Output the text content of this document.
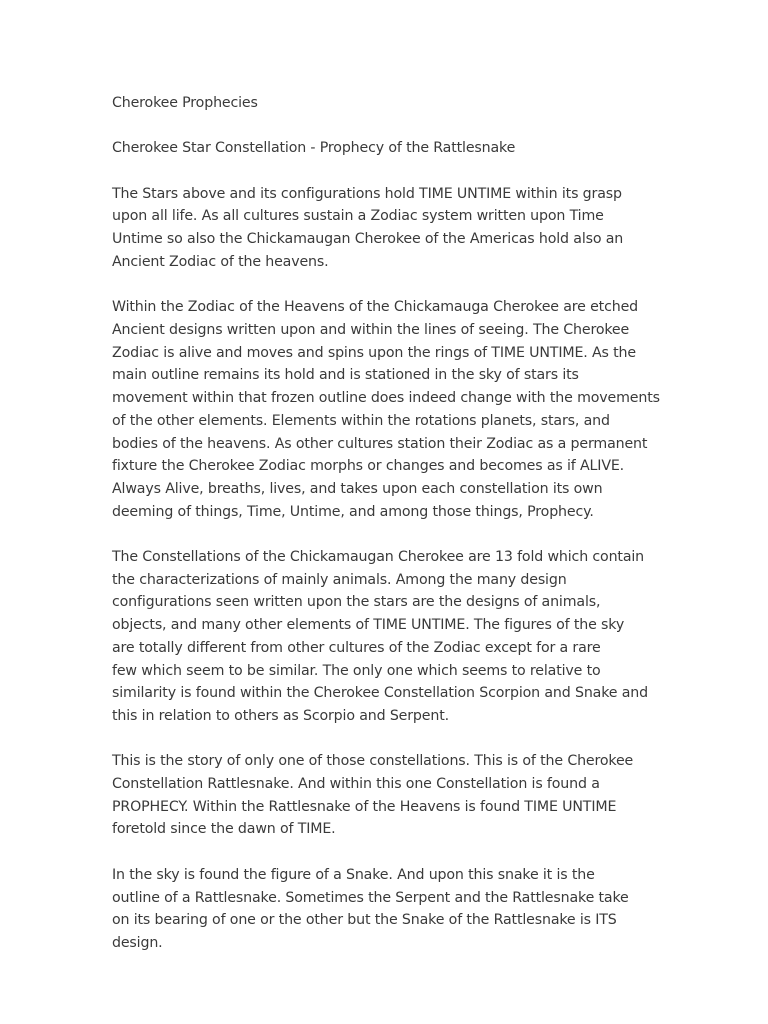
Cherokee Prophecies

Cherokee Star Constellation - Prophecy of the Rattlesnake

The Stars above and its configurations hold TIME UNTIME within its grasp
upon all life. As all cultures sustain a Zodiac system written upon Time
Untime so also the Chickamaugan Cherokee of the Americas hold also an
Ancient Zodiac of the heavens.

Within the Zodiac of the Heavens of the Chickamauga Cherokee are etched
Ancient designs written upon and within the lines of seeing. The Cherokee
Zodiac is alive and moves and spins upon the rings of TIME UNTIME. As the
main outline remains its hold and is stationed in the sky of stars its
movement within that frozen outline does indeed change with the movements
of the other elements. Elements within the rotations planets, stars, and
bodies of the heavens. As other cultures station their Zodiac as a permanent
fixture the Cherokee Zodiac morphs or changes and becomes as if ALIVE.
Always Alive, breaths, lives, and takes upon each constellation its own
deeming of things, Time, Untime, and among those things, Prophecy.

The Constellations of the Chickamaugan Cherokee are 13 fold which contain
the characterizations of mainly animals. Among the many design
configurations seen written upon the stars are the designs of animals,
objects, and many other elements of TIME UNTIME. The figures of the sky
are totally different from other cultures of the Zodiac except for a rare
few which seem to be similar. The only one which seems to relative to
similarity is found within the Cherokee Constellation Scorpion and Snake and
this in relation to others as Scorpio and Serpent.

This is the story of only one of those constellations. This is of the Cherokee
Constellation Rattlesnake. And within this one Constellation is found a
PROPHECY. Within the Rattlesnake of the Heavens is found TIME UNTIME
foretold since the dawn of TIME.

In the sky is found the figure of a Snake. And upon this snake it is the
outline of a Rattlesnake. Sometimes the Serpent and the Rattlesnake take
on its bearing of one or the other but the Snake of the Rattlesnake is ITS
design.
